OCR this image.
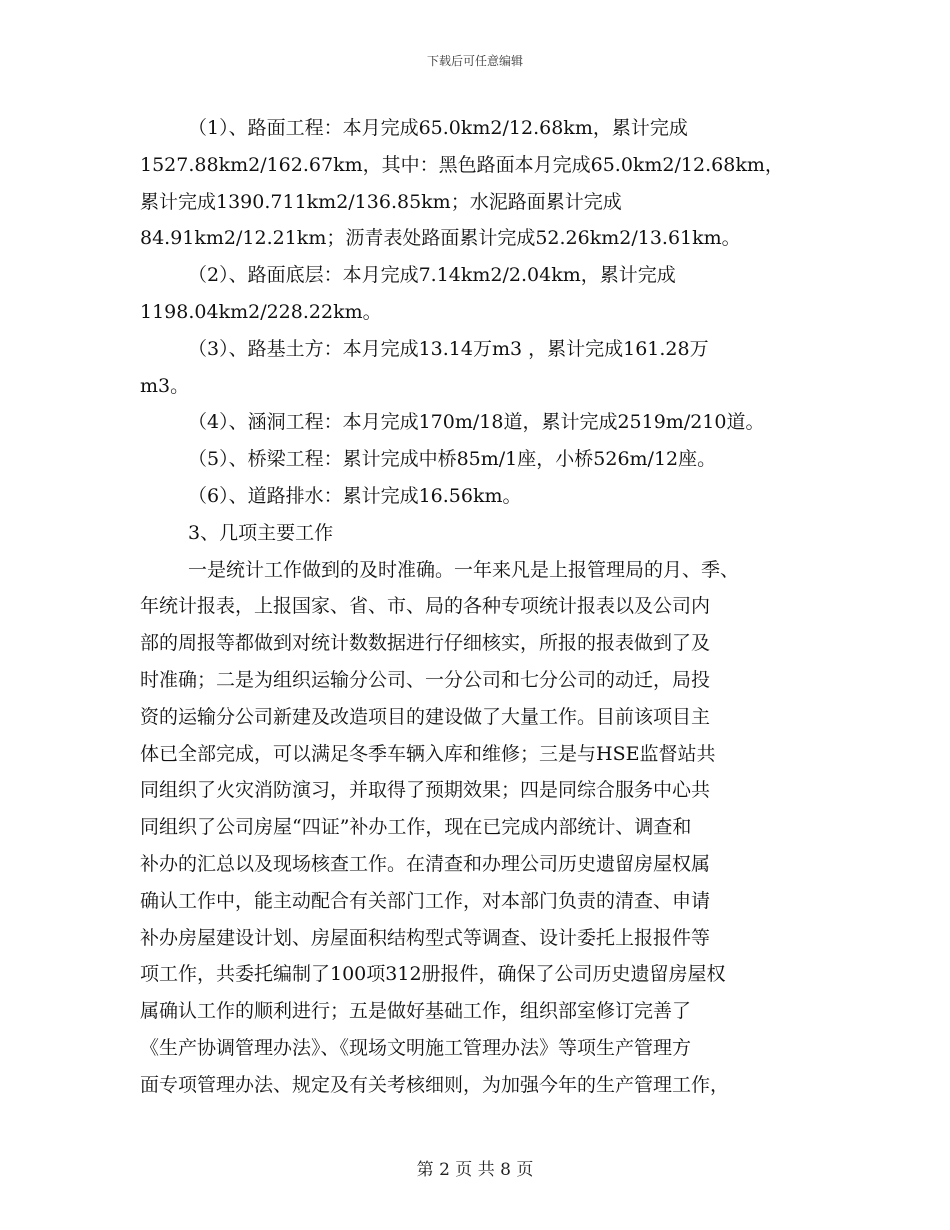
下载后可任意编辑
（1）、路面工程：本月完成65.0km2/12.68km，累计完成
1527.88km2/162.67km，其中：黑色路面本月完成65.0km2/12.68km，
累计完成1390.711km2/136.85km；水泥路面累计完成
84.91km2/12.21km；沥青表处路面累计完成52.26km2/13.61km。
（2）、路面底层：本月完成7.14km2/2.04km，累计完成
1198.04km2/228.22km。
（3）、路基土方：本月完成13.14万m3 ，累计完成161.28万
m3。
（4）、涵洞工程：本月完成170m/18道，累计完成2519m/210道。
（5）、桥梁工程：累计完成中桥85m/1座，小桥526m/12座。
（6）、道路排水：累计完成16.56km。
3、几项主要工作
一是统计工作做到的及时准确。一年来凡是上报管理局的月、季、
年统计报表，上报国家、省、市、局的各种专项统计报表以及公司内
部的周报等都做到对统计数数据进行仔细核实，所报的报表做到了及
时准确；二是为组织运输分公司、一分公司和七分公司的动迁，局投
资的运输分公司新建及改造项目的建设做了大量工作。目前该项目主
体已全部完成，可以满足冬季车辆入库和维修；三是与HSE监督站共
同组织了火灾消防演习，并取得了预期效果；四是同综合服务中心共
同组织了公司房屋“四证”补办工作，现在已完成内部统计、调查和
补办的汇总以及现场核查工作。在清查和办理公司历史遗留房屋权属
确认工作中，能主动配合有关部门工作，对本部门负责的清查、申请
补办房屋建设计划、房屋面积结构型式等调查、设计委托上报报件等
项工作，共委托编制了100项312册报件，确保了公司历史遗留房屋权
属确认工作的顺利进行；五是做好基础工作，组织部室修订完善了
《生产协调管理办法》、《现场文明施工管理办法》等项生产管理方
面专项管理办法、规定及有关考核细则，为加强今年的生产管理工作，
第 2 页 共 8 页
